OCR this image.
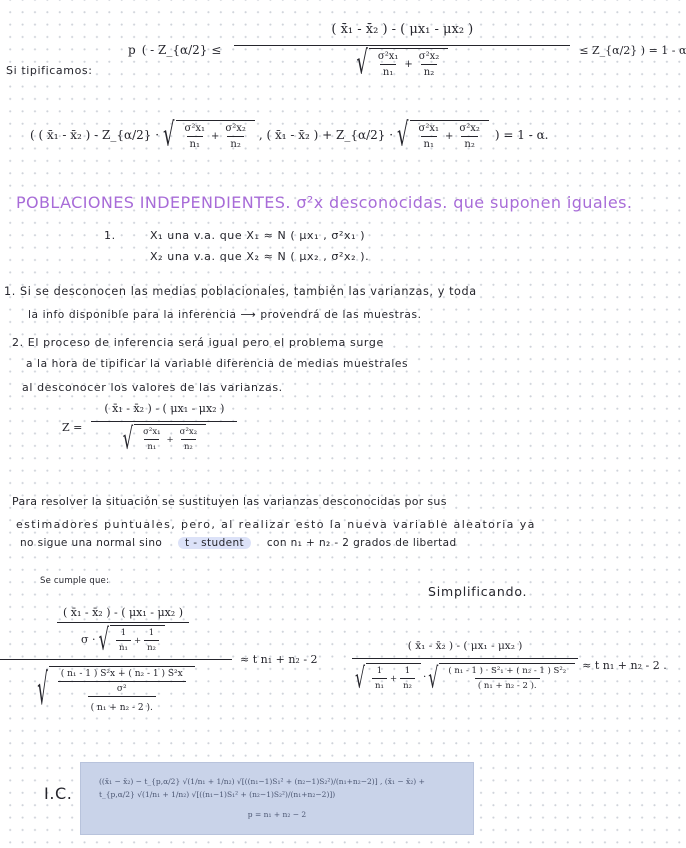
Si tipificamos:
p ( - Z_{α/2} ≤ $\frac{\text{( x̄₁ - x̄₂ ) - ( μx₁ - μx₂ )}}{√ \frac{\text{σ²x₁}}{\text{n₁}} + \frac{\text{σ²x₂}}{\text{n₂}}}$ ≤ Z_{α/2} ) = 1 - α
( ( x̄₁ - x̄₂ ) - Z_{α/2} · √ $\frac{\text{σ²x₁}}{\text{n₁}} + \frac{\text{σ²x₂}}{\text{n₂}}$ , ( x̄₁ - x̄₂ ) + Z_{α/2} · √ $\frac{\text{σ²x₁}}{\text{n₁}} + \frac{\text{σ²x₂}}{\text{n₂}}$ ) = 1 - α.
POBLACIONES INDEPENDIENTES. σ²x desconocidas. que suponen iguales.
1.	X₁ una v.a. que X₁ ≈ N ( μx₁ , σ²x₁ )
X₂ una v.a. que X₂ ≈ N ( μx₂ , σ²x₂ ).
1. Si se desconocen las medias poblacionales, también las varianzas, y toda
la info disponible para la inferencia ⟶ provendrá de las muestras.
2. El proceso de inferencia será igual pero el problema surge
a la hora de tipificar la variable diferencia de medias muestrales
al desconocer los valores de las varianzas.
$Z = \frac{\text{( x̄₁ - x̄₂ ) - ( μx₁ - μx₂ )}}{√ \frac{\text{σ²x₁}}{\text{n₁}} + \frac{\text{σ²x₂}}{\text{n₂}}}$
Para resolver la situación se sustituyen las varianzas desconocidas por sus
estimadores puntuales, pero, al realizar esto la nueva variable aleatoria ya
no sigue una normal sino t - student con n₁ + n₂ - 2 grados de libertad
Se cumple que:
Simplificando.
( x̄₁ - x̄₂ ) - ( μx₁ - μx₂ )
σ · √ $\frac{1}{\text{n₁}} + \frac{1}{\text{n₂}}$
√ ( n₁ - 1 ) S²x + ( n₂ - 1 ) S²x
σ²
( n₁ + n₂ - 2 ).
≈ t n₁ + n₂ - 2
( x̄₁ - x̄₂ ) - ( μx₁ - μx₂ )
√ $\frac{1}{\text{n₁}} + \frac{1}{\text{n₂}}$ · √ $\frac{\text{( n₁ - 1 ) · S²₁ + ( n₂ - 1 ) S²₂}}{\text{( n₁ + n₂ - 2 ).}}$
≈ t n₁ + n₂ - 2 .
I.C.
((x̄₁ − x̄₂) − t_{p,α/2} √(1/n₁ + 1/n₂) √[((n₁−1)S₁² + (n₂−1)S₂²)/(n₁+n₂−2)] , (x̄₁ − x̄₂) + t_{p,α/2} √(1/n₁ + 1/n₂) √[((n₁−1)S₁² + (n₂−1)S₂²)/(n₁+n₂−2)])
p = n₁ + n₂ − 2
